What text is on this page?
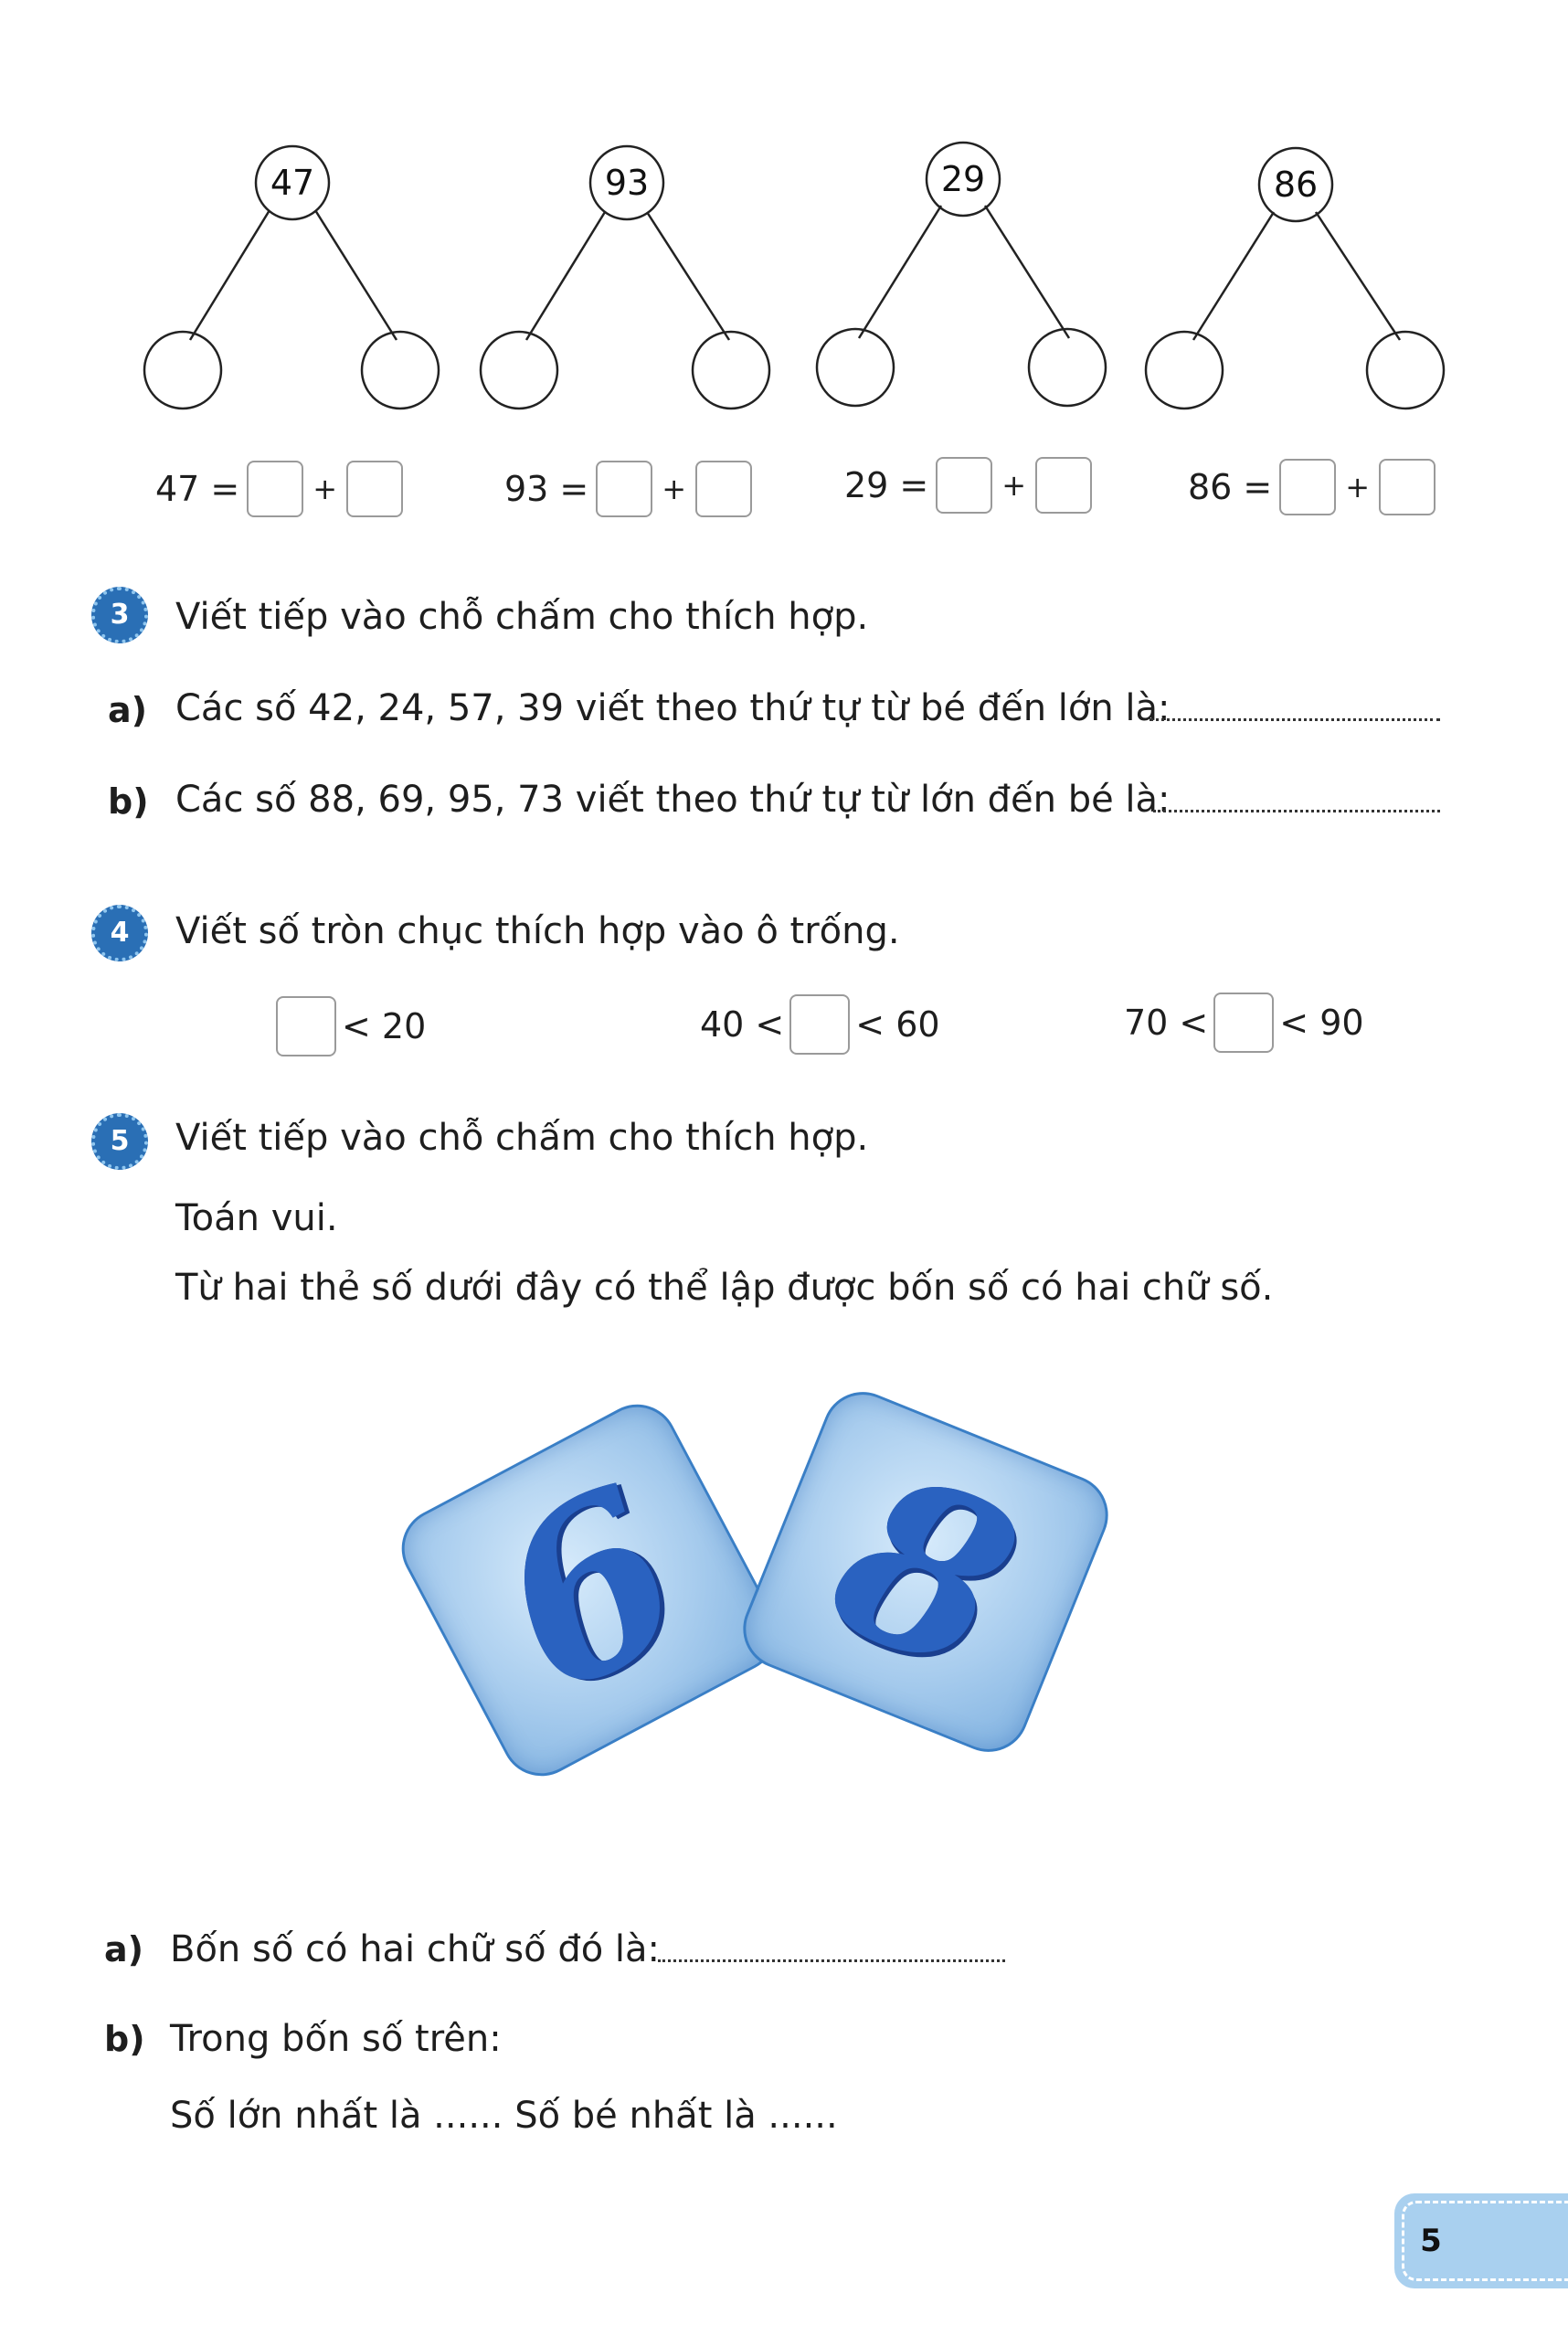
47	93	29	86
47 =	+	93 =	+	29 =	+	86 =	+
3	Viết tiếp vào chỗ chấm cho thích hợp.
a) Các số 42, 24, 57, 39 viết theo thứ tự từ bé đến lớn là:
b) Các số 88, 69, 95, 73 viết theo thứ tự từ lớn đến bé là:
4	Viết số tròn chục thích hợp vào ô trống.
< 20	40 < < 60	70 < < 90
5	Viết tiếp vào chỗ chấm cho thích hợp.
Toán vui.
Từ hai thẻ số dưới đây có thể lập được bốn số có hai chữ số.
6 8
a) Bốn số có hai chữ số đó là:
b) Trong bốn số trên:
Số lớn nhất là ...... Số bé nhất là ......
5
